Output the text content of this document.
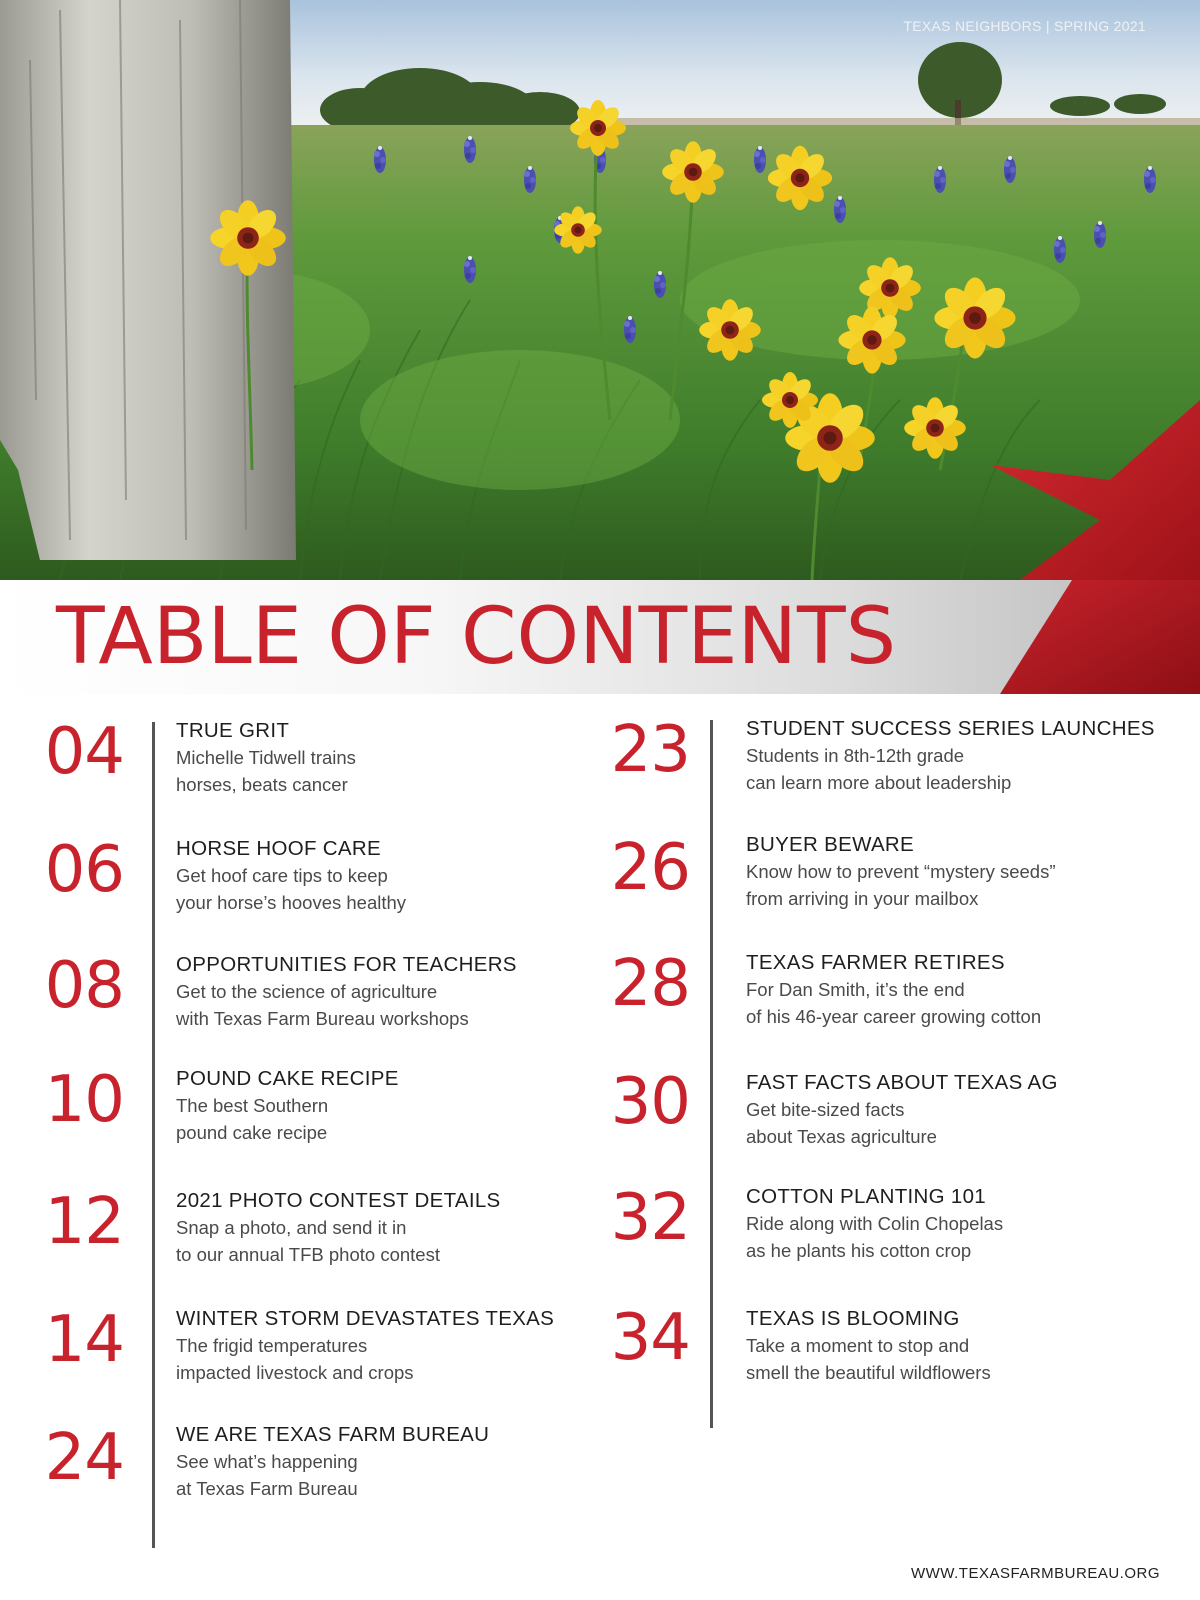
TEXAS NEIGHBORS | SPRING 2021
TABLE OF CONTENTS
04	TRUE GRIT
Michelle Tidwell trains
horses, beats cancer
06	HORSE HOOF CARE
Get hoof care tips to keep
your horse’s hooves healthy
08	OPPORTUNITIES FOR TEACHERS
Get to the science of agriculture
with Texas Farm Bureau workshops
10	POUND CAKE RECIPE
The best Southern
pound cake recipe
12	2021 PHOTO CONTEST DETAILS
Snap a photo, and send it in
to our annual TFB photo contest
14	WINTER STORM DEVASTATES TEXAS
The frigid temperatures
impacted livestock and crops
24	WE ARE TEXAS FARM BUREAU
See what’s happening
at Texas Farm Bureau
23	STUDENT SUCCESS SERIES LAUNCHES
Students in 8th-12th grade
can learn more about leadership
26	BUYER BEWARE
Know how to prevent “mystery seeds”
from arriving in your mailbox
28	TEXAS FARMER RETIRES
For Dan Smith, it’s the end
of his 46-year career growing cotton
30	FAST FACTS ABOUT TEXAS AG
Get bite-sized facts
about Texas agriculture
32	COTTON PLANTING 101
Ride along with Colin Chopelas
as he plants his cotton crop
34	TEXAS IS BLOOMING
Take a moment to stop and
smell the beautiful wildflowers
WWW.TEXASFARMBUREAU.ORG
